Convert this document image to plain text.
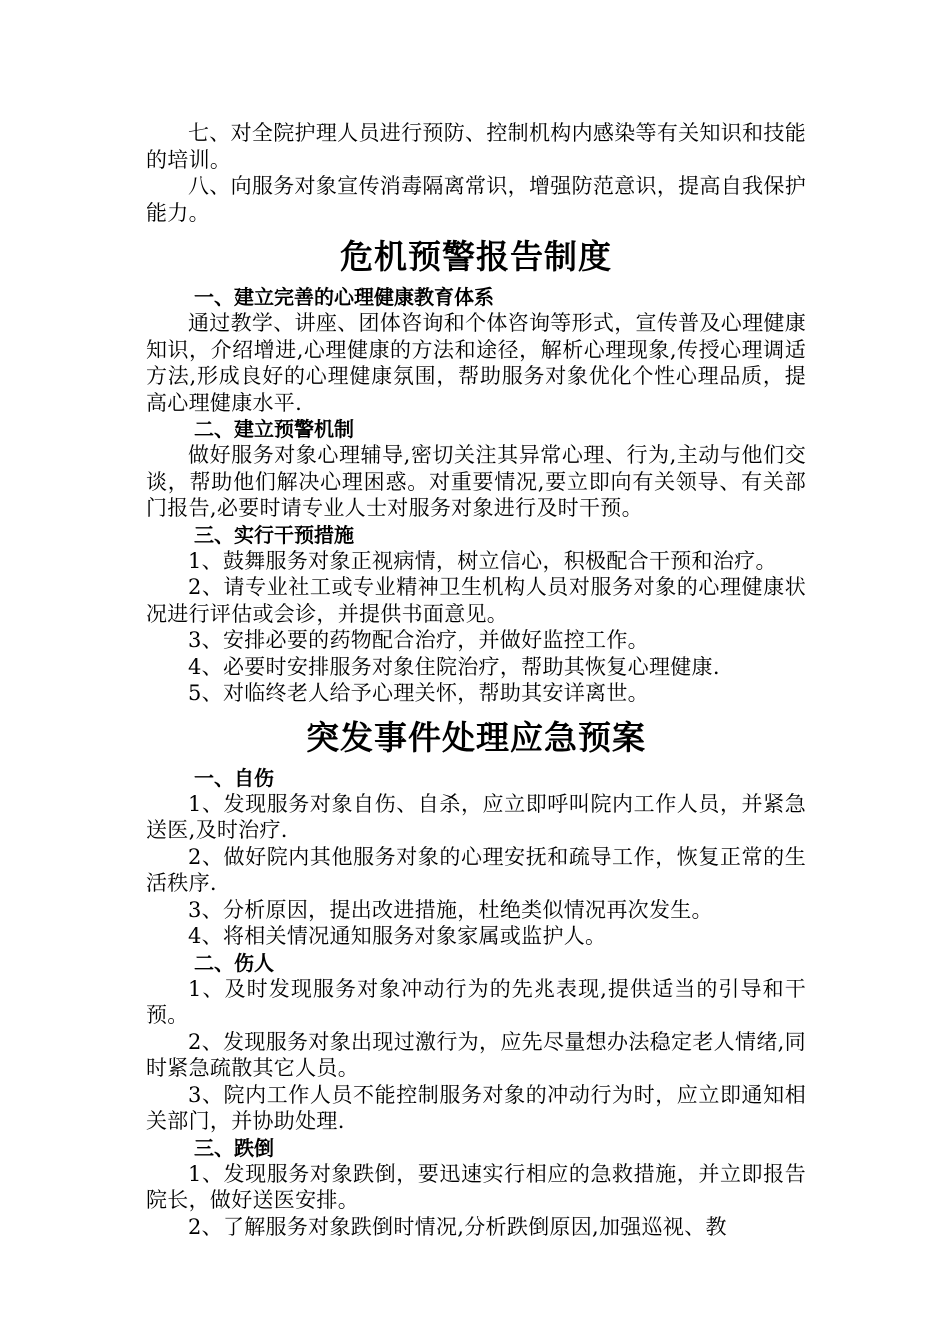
七、对全院护理人员进行预防、控制机构内感染等有关知识和技能的培训。

八、向服务对象宣传消毒隔离常识，增强防范意识，提高自我保护能力。

危机预警报告制度
一、建立完善的心理健康教育体系

通过教学、讲座、团体咨询和个体咨询等形式，宣传普及心理健康知识，介绍增进,心理健康的方法和途径，解析心理现象,传授心理调适方法,形成良好的心理健康氛围，帮助服务对象优化个性心理品质，提高心理健康水平.

二、建立预警机制

做好服务对象心理辅导,密切关注其异常心理、行为,主动与他们交谈，帮助他们解决心理困惑。对重要情况,要立即向有关领导、有关部门报告,必要时请专业人士对服务对象进行及时干预。

三、实行干预措施

1、鼓舞服务对象正视病情，树立信心，积极配合干预和治疗。

2、请专业社工或专业精神卫生机构人员对服务对象的心理健康状况进行评估或会诊，并提供书面意见。

3、安排必要的药物配合治疗，并做好监控工作。

4、必要时安排服务对象住院治疗，帮助其恢复心理健康.

5、对临终老人给予心理关怀，帮助其安详离世。

突发事件处理应急预案
一、自伤

1、发现服务对象自伤、自杀，应立即呼叫院内工作人员，并紧急送医,及时治疗.

2、做好院内其他服务对象的心理安抚和疏导工作，恢复正常的生活秩序.

3、分析原因，提出改进措施，杜绝类似情况再次发生。

4、将相关情况通知服务对象家属或监护人。

二、伤人

1、及时发现服务对象冲动行为的先兆表现,提供适当的引导和干预。

2、发现服务对象出现过激行为，应先尽量想办法稳定老人情绪,同时紧急疏散其它人员。

3、院内工作人员不能控制服务对象的冲动行为时，应立即通知相关部门，并协助处理.

三、跌倒

1、发现服务对象跌倒，要迅速实行相应的急救措施，并立即报告院长，做好送医安排。

2、了解服务对象跌倒时情况,分析跌倒原因,加强巡视、教
